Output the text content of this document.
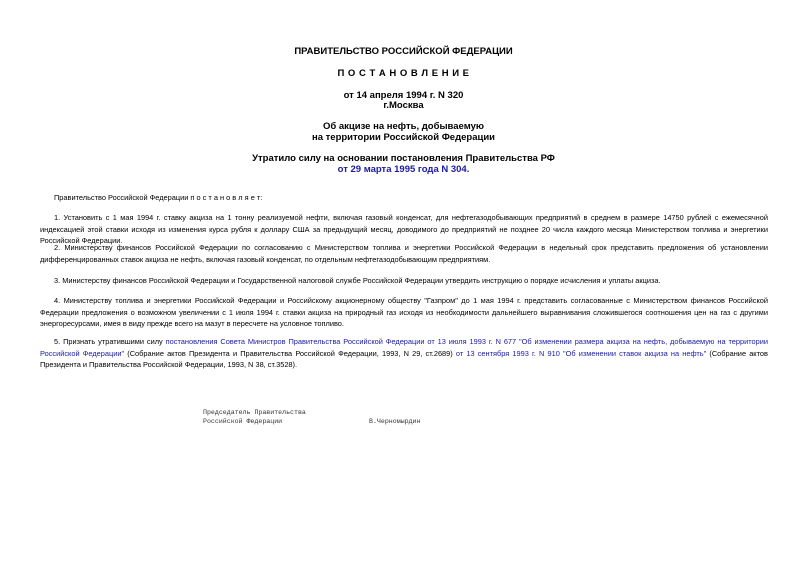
ПРАВИТЕЛЬСТВО РОССИЙСКОЙ ФЕДЕРАЦИИ
П О С Т А Н О В Л Е Н И Е
от 14 апреля 1994 г. N 320
г.Москва
Об акцизе на нефть, добываемую
на территории Российской Федерации
Утратило силу на основании постановления Правительства РФ
от 29 марта 1995 года N 304.
Правительство Российской Федерации п о с т а н о в л я е т:
1. Установить с 1 мая 1994 г. ставку акциза на 1 тонну реализуемой нефти, включая газовый конденсат, для нефтегазодобывающих предприятий в среднем в размере 14750 рублей с ежемесячной индексацией этой ставки исходя из изменения курса рубля к доллару США за предыдущий месяц, доводимого до предприятий не позднее 20 числа каждого месяца Министерством топлива и энергетики Российской Федерации.
2. Министерству финансов Российской Федерации по согласованию с Министерством топлива и энергетики Российской Федерации в недельный срок представить предложения об установлении дифференцированных ставок акциза не нефть, включая газовый конденсат, по отдельным нефтегазодобывающим предприятиям.
3. Министерству финансов Российской Федерации и Государственной налоговой службе Российской Федерации утвердить инструкцию о порядке исчисления и уплаты акциза.
4. Министерству топлива и энергетики Российской Федерации и Российскому акционерному обществу "Газпром" до 1 мая 1994 г. представить согласованные с Министерством финансов Российской Федерации предложения о возможном увеличении с 1 июля 1994 г. ставки акциза на природный газ исходя из необходимости дальнейшего выравнивания сложившегося соотношения цен на газ с другими энергоресурсами, имея в виду прежде всего на мазут в пересчете на условное топливо.
5. Признать утратившими силу постановления Совета Министров Правительства Российской Федерации от 13 июля 1993 г. N 677 "Об изменении размера акциза на нефть, добываемую на территории Российской Федерации" (Собрание актов Президента и Правительства Российской Федерации, 1993, N 29, ст.2689) от 13 сентября 1993 г. N 910 "Об изменении ставок акциза на нефть" (Собрание актов Президента и Правительства Российской Федерации, 1993, N 38, ст.3528).
Председатель Правительства
Российской Федерации	В.Черномырдин
